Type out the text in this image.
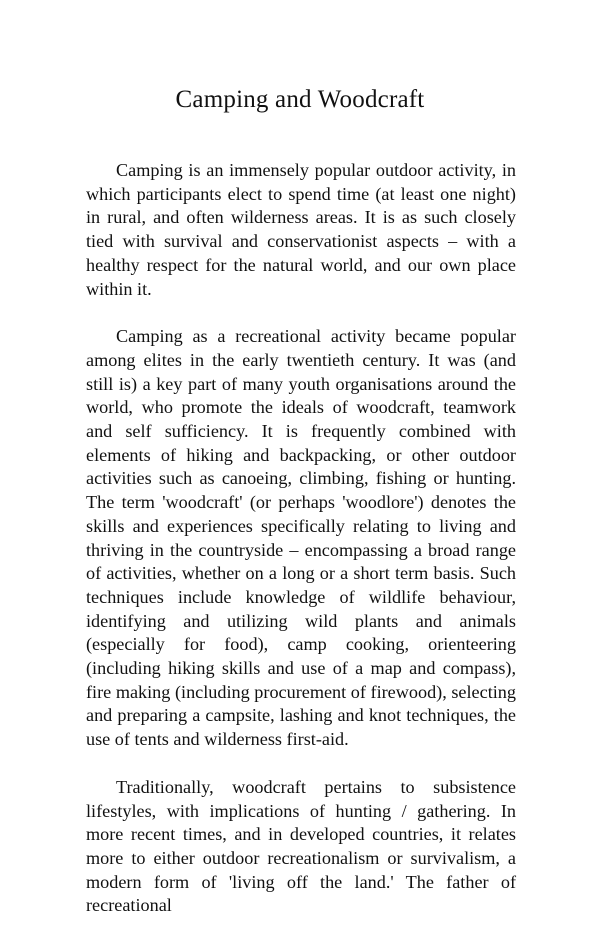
Camping and Woodcraft

Camping is an immensely popular outdoor activity, in which participants elect to spend time (at least one night) in rural, and often wilderness areas. It is as such closely tied with survival and conservationist aspects – with a healthy respect for the natural world, and our own place within it.

Camping as a recreational activity became popular among elites in the early twentieth century. It was (and still is) a key part of many youth organisations around the world, who promote the ideals of woodcraft, teamwork and self sufficiency. It is frequently combined with elements of hiking and backpacking, or other outdoor activities such as canoeing, climbing, fishing or hunting. The term 'woodcraft' (or perhaps 'woodlore') denotes the skills and experiences specifically relating to living and thriving in the countryside – encompassing a broad range of activities, whether on a long or a short term basis. Such techniques include knowledge of wildlife behaviour, identifying and utilizing wild plants and animals (especially for food), camp cooking, orienteering (including hiking skills and use of a map and compass), fire making (including procurement of firewood), selecting and preparing a campsite, lashing and knot techniques, the use of tents and wilderness first-aid.

Traditionally, woodcraft pertains to subsistence lifestyles, with implications of hunting / gathering. In more recent times, and in developed countries, it relates more to either outdoor recreationalism or survivalism, a modern form of 'living off the land.' The father of recreational
